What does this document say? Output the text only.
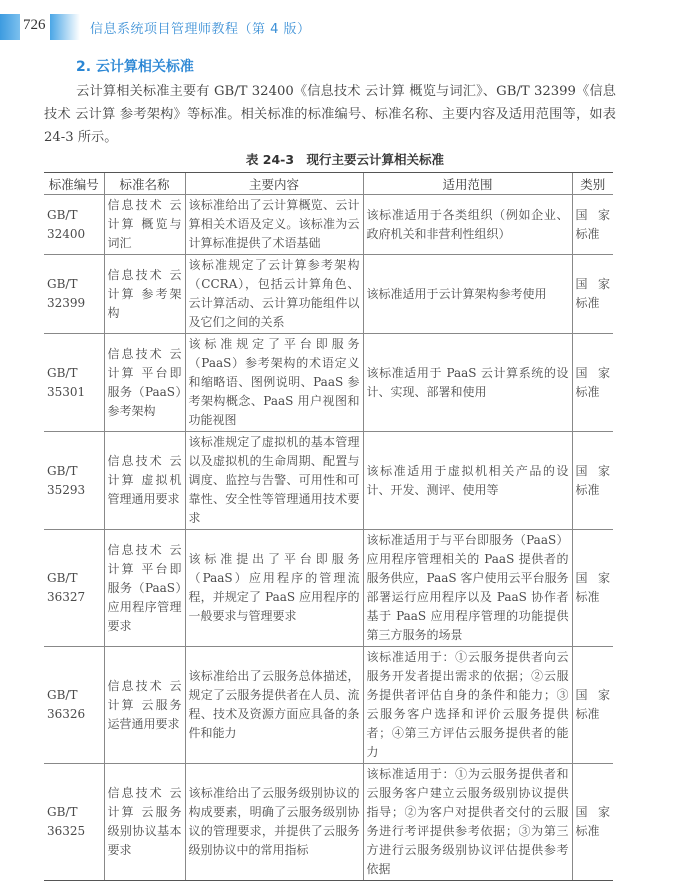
726	信息系统项目管理师教程（第 4 版）
2. 云计算相关标准
云计算相关标准主要有 GB/T 32400《信息技术 云计算 概览与词汇》、GB/T 32399《信息技术 云计算 参考架构》等标准。相关标准的标准编号、标准名称、主要内容及适用范围等，如表 24-3 所示。
表 24-3　现行主要云计算相关标准
标准编号	标准名称	主要内容	适用范围	类别
GB/T 32400	信息技术 云计算 概览与词汇	该标准给出了云计算概览、云计算相关术语及定义。该标准为云计算标准提供了术语基础	该标准适用于各类组织（例如企业、政府机关和非营利性组织）	国家标准
GB/T 32399	信息技术 云计算 参考架构	该标准规定了云计算参考架构（CCRA），包括云计算角色、云计算活动、云计算功能组件以及它们之间的关系	该标准适用于云计算架构参考使用	国家标准
GB/T 35301	信息技术 云计算 平台即服务（PaaS）参考架构	该标准规定了平台即服务（PaaS）参考架构的术语定义和缩略语、图例说明、PaaS 参考架构概念、PaaS 用户视图和功能视图	该标准适用于 PaaS 云计算系统的设计、实现、部署和使用	国家标准
GB/T 35293	信息技术 云计算 虚拟机管理通用要求	该标准规定了虚拟机的基本管理以及虚拟机的生命周期、配置与调度、监控与告警、可用性和可靠性、安全性等管理通用技术要求	该标准适用于虚拟机相关产品的设计、开发、测评、使用等	国家标准
GB/T 36327	信息技术 云计算 平台即服务（PaaS）应用程序管理要求	该标准提出了平台即服务（PaaS）应用程序的管理流程，并规定了 PaaS 应用程序的一般要求与管理要求	该标准适用于与平台即服务（PaaS）应用程序管理相关的 PaaS 提供者的服务供应，PaaS 客户使用云平台服务部署运行应用程序以及 PaaS 协作者基于 PaaS 应用程序管理的功能提供第三方服务的场景	国家标准
GB/T 36326	信息技术 云计算 云服务运营通用要求	该标准给出了云服务总体描述，规定了云服务提供者在人员、流程、技术及资源方面应具备的条件和能力	该标准适用于：①云服务提供者向云服务开发者提出需求的依据；②云服务提供者评估自身的条件和能力；③云服务客户选择和评价云服务提供者；④第三方评估云服务提供者的能力	国家标准
GB/T 36325	信息技术 云计算 云服务级别协议基本要求	该标准给出了云服务级别协议的构成要素，明确了云服务级别协议的管理要求，并提供了云服务级别协议中的常用指标	该标准适用于：①为云服务提供者和云服务客户建立云服务级别协议提供指导；②为客户对提供者交付的云服务进行考评提供参考依据；③为第三方进行云服务级别协议评估提供参考依据	国家标准
